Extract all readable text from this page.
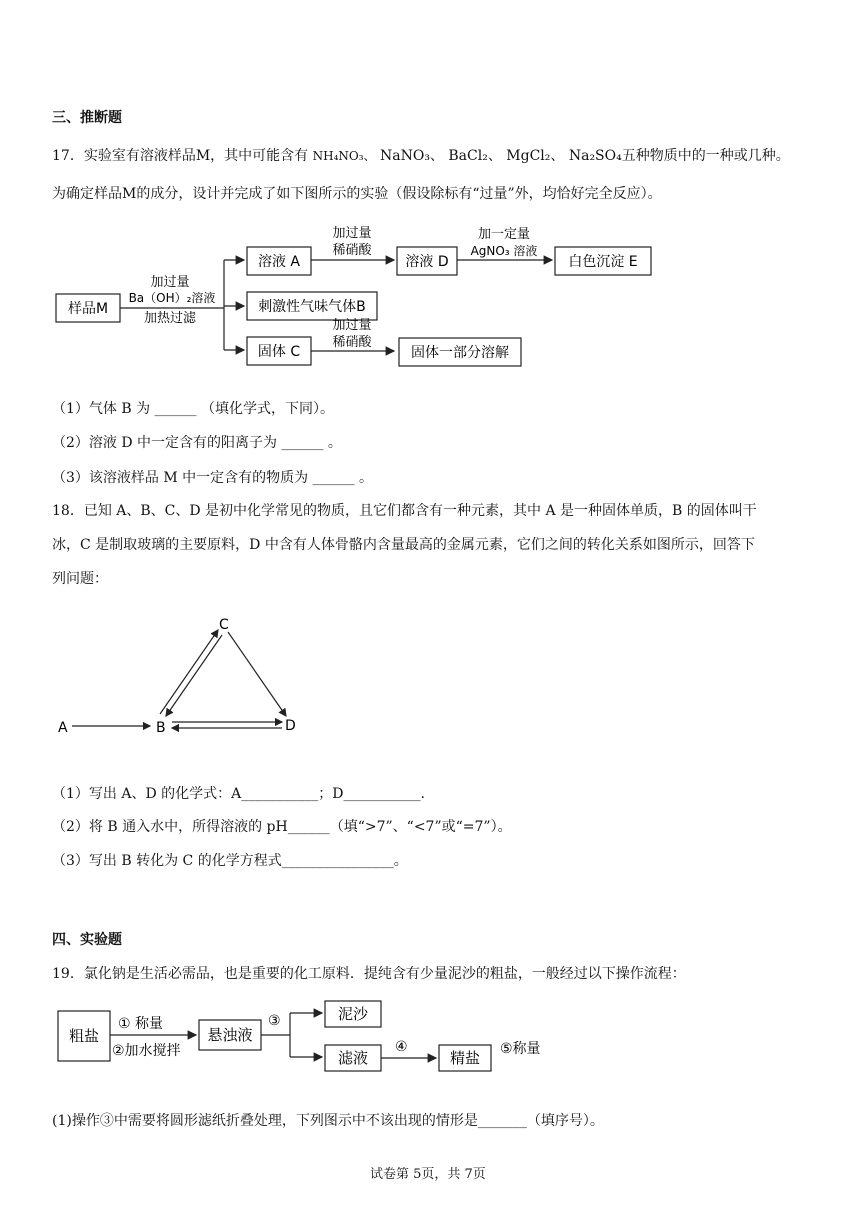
三、推断题
17．实验室有溶液样品M，其中可能含有 NH₄NO₃、 NaNO₃、 BaCl₂、 MgCl₂、 Na₂SO₄五种物质中的一种或几种。
为确定样品M的成分，设计并完成了如下图所示的实验（假设除标有“过量”外，均恰好完全反应）。
样品M
加过量
Ba（OH）₂溶液
加热过滤
溶液 A
刺激性气味气体B
固体 C
加过量
稀硝酸
溶液 D
加一定量
AgNO₃ 溶液
白色沉淀 E
加过量
稀硝酸
固体一部分溶解
（1）气体 B 为 ______ （填化学式，下同）。
（2）溶液 D 中一定含有的阳离子为 ______ 。
（3）该溶液样品 M 中一定含有的物质为 ______ 。
18．已知 A、B、C、D 是初中化学常见的物质，且它们都含有一种元素，其中 A 是一种固体单质，B 的固体叫干
冰，C 是制取玻璃的主要原料，D 中含有人体骨骼内含量最高的金属元素，它们之间的转化关系如图所示，回答下
列问题：
A	B
C
D
（1）写出 A、D 的化学式：A___________；D___________.
（2）将 B 通入水中，所得溶液的 pH______（填“>7”、“<7”或“=7”）。
（3）写出 B 转化为 C 的化学方程式________________。
四、实验题
19．氯化钠是生活必需品，也是重要的化工原料．提纯含有少量泥沙的粗盐，一般经过以下操作流程：
粗盐
① 称量
②加水搅拌
悬浊液
③	泥沙
滤液
④
精盐 ⑤称量
(1)操作③中需要将圆形滤纸折叠处理，下列图示中不该出现的情形是_______（填序号）。
试卷第 5页，共 7页
